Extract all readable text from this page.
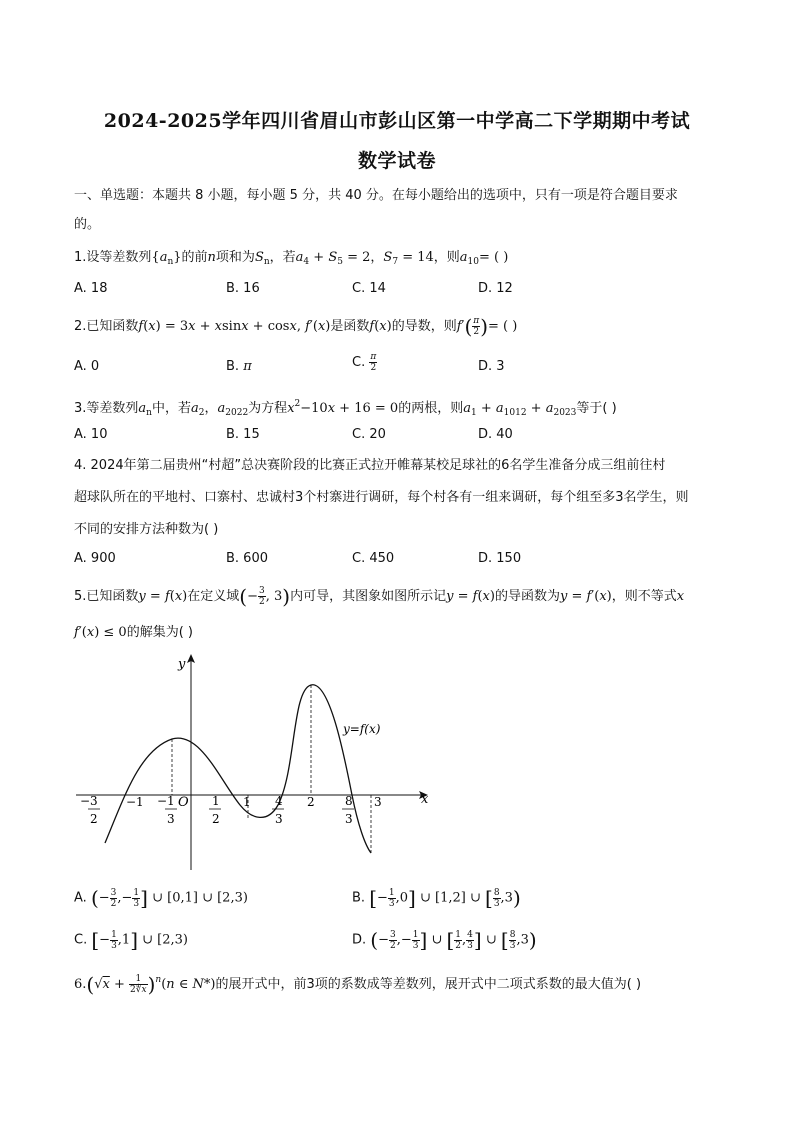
2024-2025学年四川省眉山市彭山区第一中学高二下学期期中考试
数学试卷
一、单选题：本题共 8 小题，每小题 5 分，共 40 分。在每小题给出的选项中，只有一项是符合题目要求
的。
1.设等差数列$\{a_n\}$的前n项和为$S_n$，若$a_4 + S_5 = 2$，$S_7 = 14$，则$a_{10}=$ ( )
A. 18	B. 16	C. 14	D. 12
2.已知函数f(x) = 3x + xsinx + cosx, f′(x)是函数f(x)的导数，则$f'( \frac{\pi}{2}$ )= ( )
A. 0	B. π	C. $\frac{\pi}{2}$	D. 3
3.等差数列$a_n$中，若$a_2$，$a_{2022}$为方程$x^2-10x + 16 = 0$的两根，则$a_1 + a_{1012} + a_{2023}$等于( )
A. 10	B. 15	C. 20	D. 40
4. 2024年第二届贵州“村超”总决赛阶段的比赛正式拉开帷幕某校足球社的6名学生准备分成三组前往村
超球队所在的平地村、口寨村、忠诚村3个村寨进行调研，每个村各有一组来调研，每个组至多3名学生，则
不同的安排方法种数为( )
A. 900	B. 600	C. 450	D. 150
5.已知函数y = f(x)在定义域(− $\frac{3}{2}$ , 3)内可导，其图象如图所示记y = f(x)的导函数为y = f′(x)，则不等式x
f′(x) ≤ 0的解集为( )
y
x
O
y=f(x)
− 3
2
−1 − 1
3
1
2
1 4
3
2	8
3
3
A. (− $\frac{3}{2}$ ,− $\frac{1}{3}$ ] ∪ [0,1] ∪ [2,3)	B. [− $\frac{1}{3} ,0$] ∪ [1,2] ∪ [ $\frac{8}{3} ,3$)
C. [− $\frac{1}{3} ,1$] ∪ [2,3)	D. (− $\frac{3}{2}$ ,− $\frac{1}{3}$ ] ∪ [ $\frac{1}{2}$ , $\frac{4}{3}$ ] ∪ [ $\frac{8}{3} ,3$)
$6.(√x + \frac{1}{2∜x} )^n(n$ ∈ N*)的展开式中，前3项的系数成等差数列，展开式中二项式系数的最大值为( )
